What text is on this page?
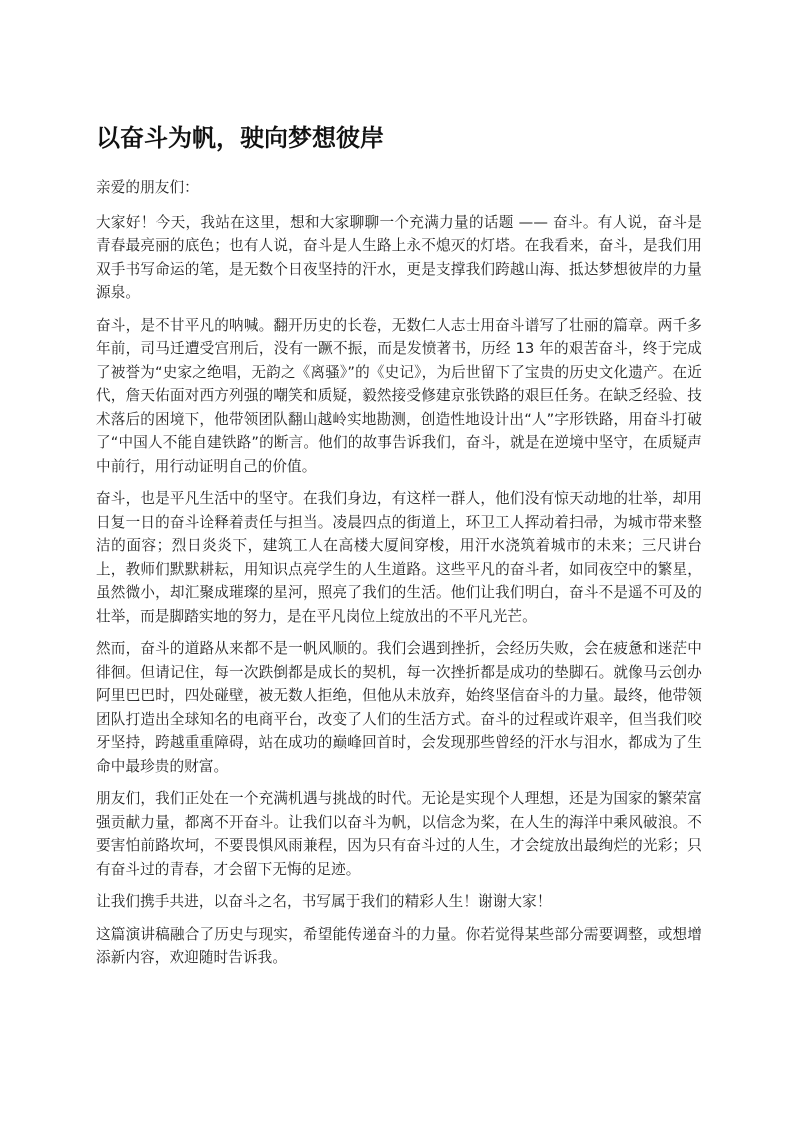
以奋斗为帆，驶向梦想彼岸

亲爱的朋友们：

大家好！今天，我站在这里，想和大家聊聊一个充满力量的话题 —— 奋斗。有人说，奋斗是青春最亮丽的底色；也有人说，奋斗是人生路上永不熄灭的灯塔。在我看来，奋斗，是我们用双手书写命运的笔，是无数个日夜坚持的汗水，更是支撑我们跨越山海、抵达梦想彼岸的力量源泉。

奋斗，是不甘平凡的呐喊。翻开历史的长卷，无数仁人志士用奋斗谱写了壮丽的篇章。两千多年前，司马迁遭受宫刑后，没有一蹶不振，而是发愤著书，历经 13 年的艰苦奋斗，终于完成了被誉为“史家之绝唱，无韵之《离骚》”的《史记》，为后世留下了宝贵的历史文化遗产。在近代，詹天佑面对西方列强的嘲笑和质疑，毅然接受修建京张铁路的艰巨任务。在缺乏经验、技术落后的困境下，他带领团队翻山越岭实地勘测，创造性地设计出“人”字形铁路，用奋斗打破了“中国人不能自建铁路”的断言。他们的故事告诉我们，奋斗，就是在逆境中坚守，在质疑声中前行，用行动证明自己的价值。

奋斗，也是平凡生活中的坚守。在我们身边，有这样一群人，他们没有惊天动地的壮举，却用日复一日的奋斗诠释着责任与担当。凌晨四点的街道上，环卫工人挥动着扫帚，为城市带来整洁的面容；烈日炎炎下，建筑工人在高楼大厦间穿梭，用汗水浇筑着城市的未来；三尺讲台上，教师们默默耕耘，用知识点亮学生的人生道路。这些平凡的奋斗者，如同夜空中的繁星，虽然微小，却汇聚成璀璨的星河，照亮了我们的生活。他们让我们明白，奋斗不是遥不可及的壮举，而是脚踏实地的努力，是在平凡岗位上绽放出的不平凡光芒。

然而，奋斗的道路从来都不是一帆风顺的。我们会遇到挫折，会经历失败，会在疲惫和迷茫中徘徊。但请记住，每一次跌倒都是成长的契机，每一次挫折都是成功的垫脚石。就像马云创办阿里巴巴时，四处碰壁，被无数人拒绝，但他从未放弃，始终坚信奋斗的力量。最终，他带领团队打造出全球知名的电商平台，改变了人们的生活方式。奋斗的过程或许艰辛，但当我们咬牙坚持，跨越重重障碍，站在成功的巅峰回首时，会发现那些曾经的汗水与泪水，都成为了生命中最珍贵的财富。

朋友们，我们正处在一个充满机遇与挑战的时代。无论是实现个人理想，还是为国家的繁荣富强贡献力量，都离不开奋斗。让我们以奋斗为帆，以信念为桨，在人生的海洋中乘风破浪。不要害怕前路坎坷，不要畏惧风雨兼程，因为只有奋斗过的人生，才会绽放出最绚烂的光彩；只有奋斗过的青春，才会留下无悔的足迹。

让我们携手共进，以奋斗之名，书写属于我们的精彩人生！谢谢大家！

这篇演讲稿融合了历史与现实，希望能传递奋斗的力量。你若觉得某些部分需要调整，或想增添新内容，欢迎随时告诉我。
